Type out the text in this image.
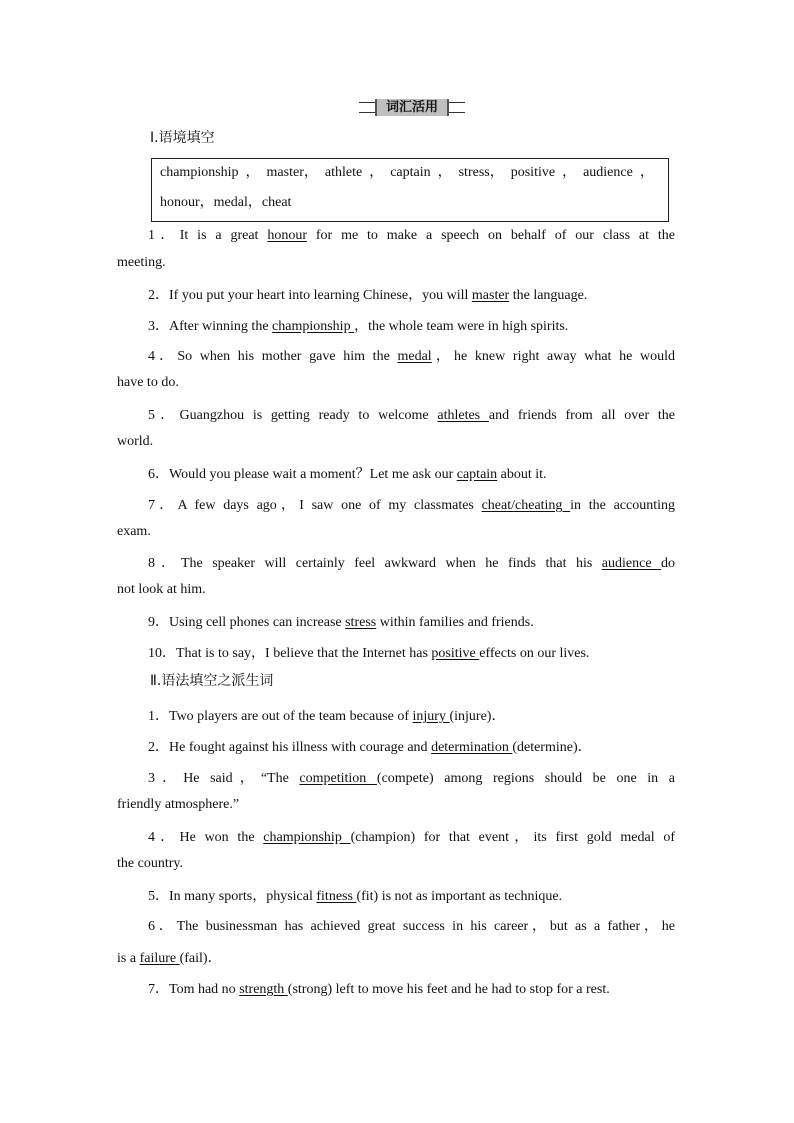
词汇活用
Ⅰ.语境填空
championship  ，  master，  athlete  ，  captain  ，  stress，  positive  ，  audience  ，
honour，medal，cheat
1．It is a great honour for me to make a speech on behalf of our class at the
meeting.
2．If you put your heart into learning Chinese，you will master the language.
3．After winning the championship ，the whole team were in high spirits.
4．So when his mother gave him the medal，he knew right away what he would
have to do.
5．Guangzhou is getting ready to welcome athletes and friends from all over the
world.
6．Would you please wait a moment？Let me ask our captain about it.
7．A few days ago，I saw one of my classmates cheat/cheating in the accounting
exam.
8．The speaker will certainly feel awkward when he finds that his audience do
not look at him.
9．Using cell phones can increase stress within families and friends.
10．That is to say，I believe that the Internet has positive effects on our lives.
Ⅱ.语法填空之派生词
1．Two players are out of the team because of injury (injure)．
2．He fought against his illness with courage and determination (determine)．
3．He said，“The competition (compete) among regions should be one in a
friendly atmosphere.”
4．He won the championship (champion) for that event，its first gold medal of
the country.
5．In many sports，physical fitness (fit) is not as important as technique.
6．The businessman has achieved great success in his career，but as a father，he
is a failure (fail)．
7．Tom had no strength (strong) left to move his feet and he had to stop for a rest.
